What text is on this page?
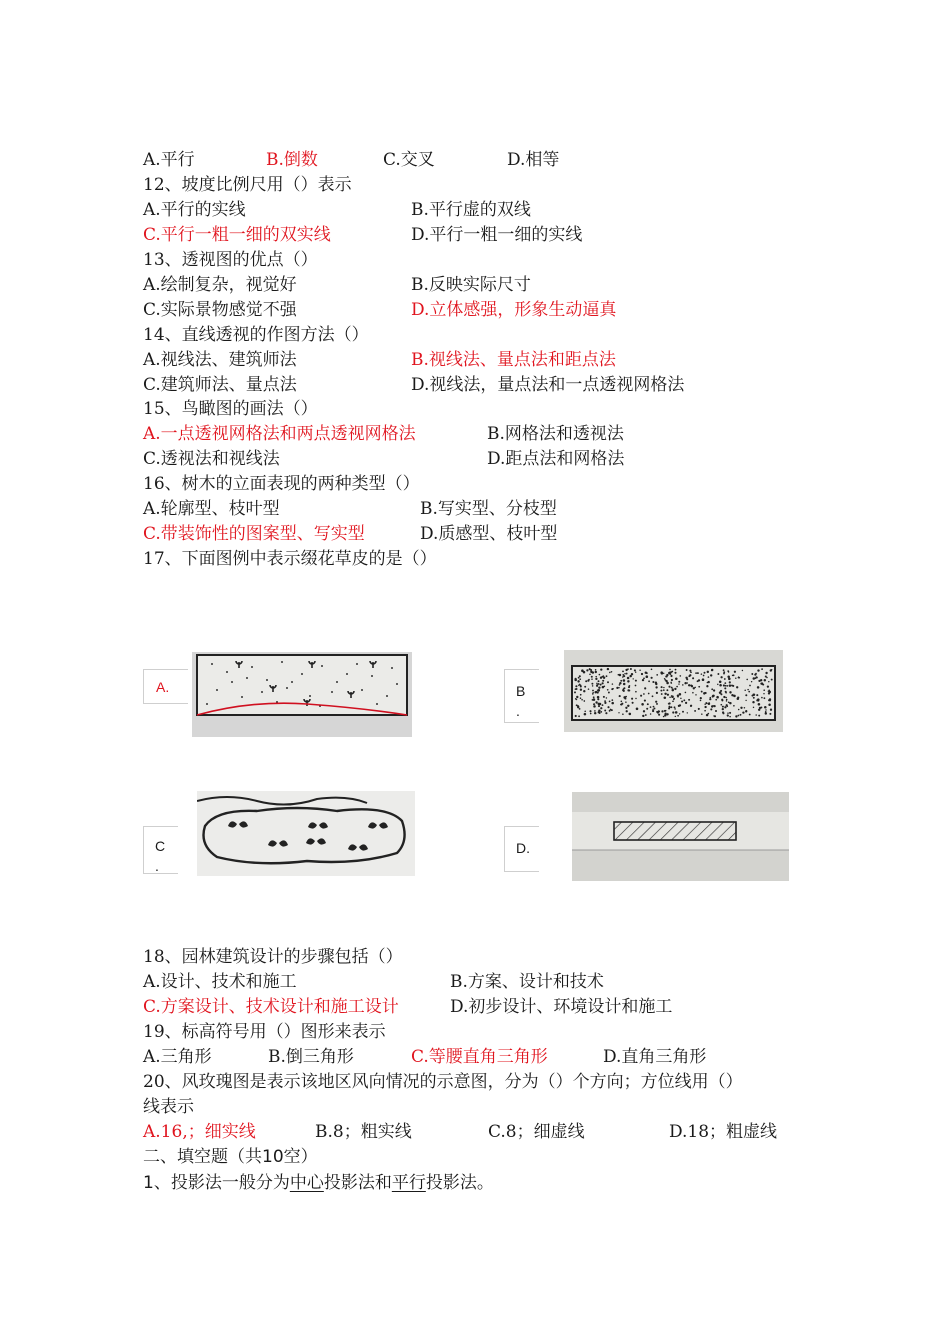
A.平行	B.倒数	C.交叉	D.相等
12、坡度比例尺用（）表示
A.平行的实线	B.平行虚的双线
C.平行一粗一细的双实线	D.平行一粗一细的实线
13、透视图的优点（）
A.绘制复杂，视觉好	B.反映实际尺寸
C.实际景物感觉不强	D.立体感强，形象生动逼真
14、直线透视的作图方法（）
A.视线法、建筑师法	B.视线法、量点法和距点法
C.建筑师法、量点法	D.视线法，量点法和一点透视网格法
15、鸟瞰图的画法（）
A.一点透视网格法和两点透视网格法	B.网格法和透视法
C.透视法和视线法	D.距点法和网格法
16、树木的立面表现的两种类型（）
A.轮廓型、枝叶型	B.写实型、分枝型
C.带装饰性的图案型、写实型	D.质感型、枝叶型
17、下面图例中表示缀花草皮的是（）
A.	B
.
C
.
D.
18、园林建筑设计的步骤包括（）
A.设计、技术和施工	B.方案、设计和技术
C.方案设计、技术设计和施工设计	D.初步设计、环境设计和施工
19、标高符号用（）图形来表示
A.三角形	B.倒三角形	C.等腰直角三角形	D.直角三角形
20、风玫瑰图是表示该地区风向情况的示意图，分为（）个方向；方位线用（）
线表示
A.16,；细实线	B.8；粗实线	C.8；细虚线	D.18；粗虚线
二、填空题（共10空）
1、投影法一般分为中心投影法和平行投影法。
